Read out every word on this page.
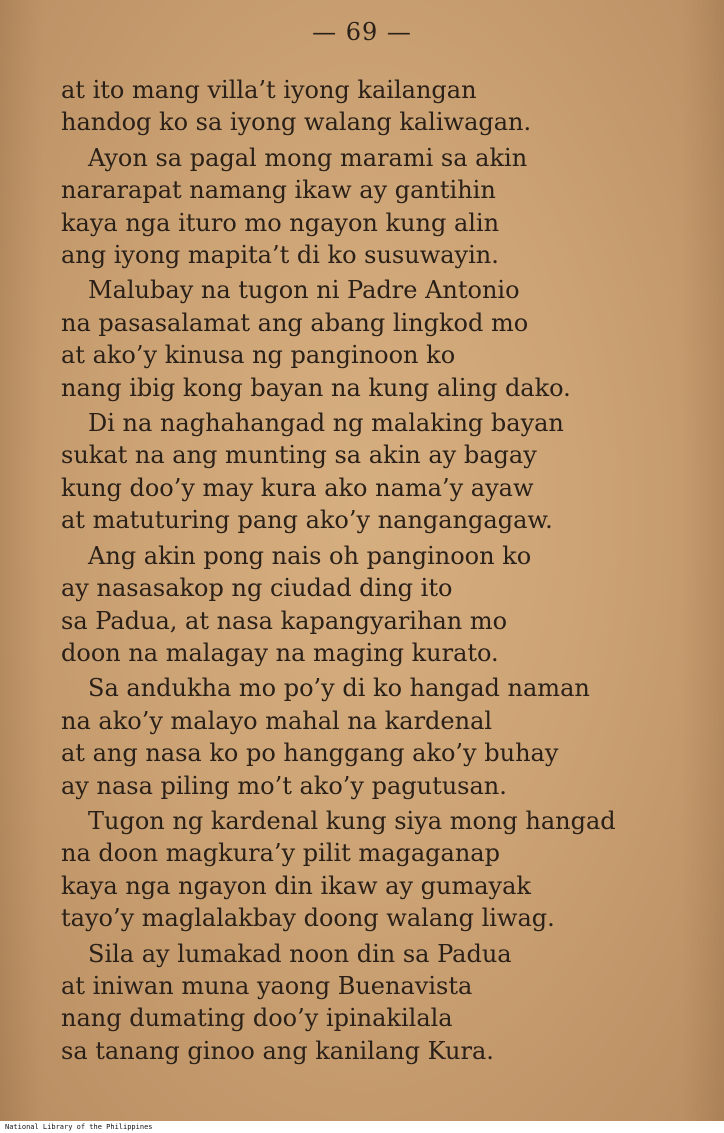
— 69 —
at ito mang villa’t iyong kailangan
handog ko sa iyong walang kaliwagan.
Ayon sa pagal mong marami sa akin
nararapat namang ikaw ay gantihin
kaya nga ituro mo ngayon kung alin
ang iyong mapita’t di ko susuwayin.
Malubay na tugon ni Padre Antonio
na pasasalamat ang abang lingkod mo
at ako’y kinusa ng panginoon ko
nang ibig kong bayan na kung aling dako.
Di na naghahangad ng malaking bayan
sukat na ang munting sa akin ay bagay
kung doo’y may kura ako nama’y ayaw
at matuturing pang ako’y nangangagaw.
Ang akin pong nais oh panginoon ko
ay nasasakop ng ciudad ding ito
sa Padua, at nasa kapangyarihan mo
doon na malagay na maging kurato.
Sa andukha mo po’y di ko hangad naman
na ako’y malayo mahal na kardenal
at ang nasa ko po hanggang ako’y buhay
ay nasa piling mo’t ako’y pagutusan.
Tugon ng kardenal kung siya mong hangad
na doon magkura’y pilit magaganap
kaya nga ngayon din ikaw ay gumayak
tayo’y maglalakbay doong walang liwag.
Sila ay lumakad noon din sa Padua
at iniwan muna yaong Buenavista
nang dumating doo’y ipinakilala
sa tanang ginoo ang kanilang Kura.
National Library of the Philippines
